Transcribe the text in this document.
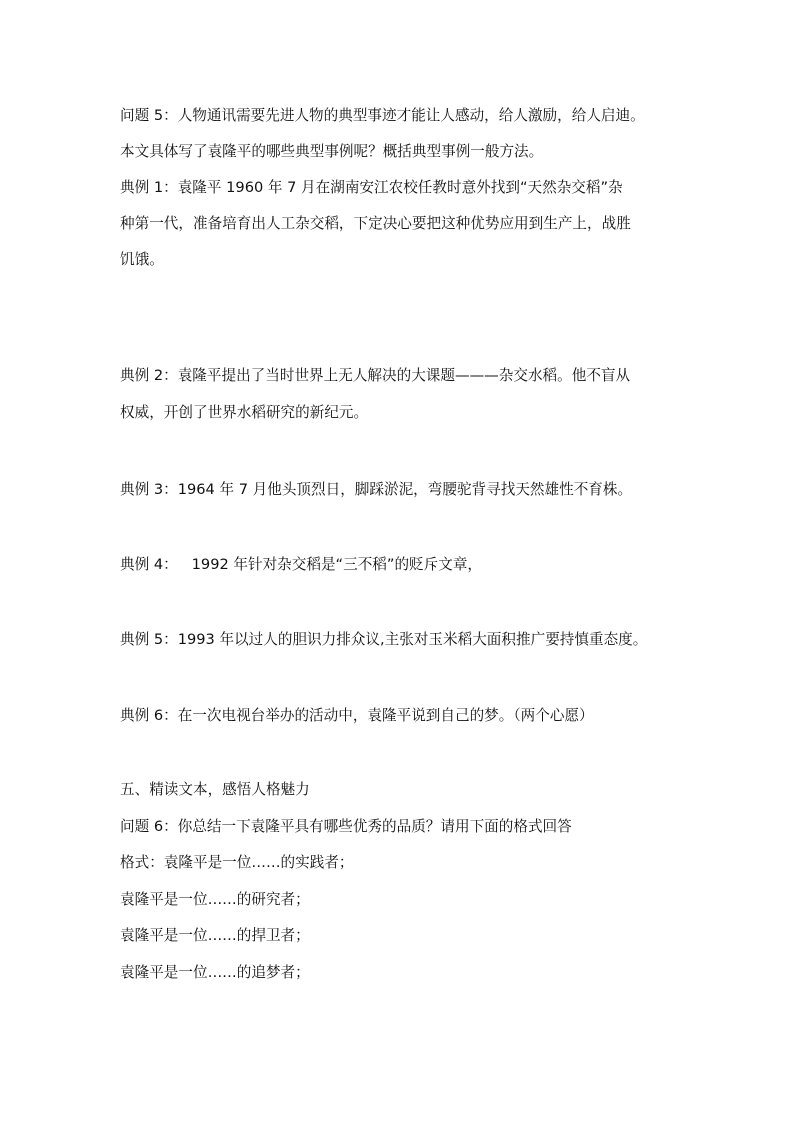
问题 5：人物通讯需要先进人物的典型事迹才能让人感动，给人激励，给人启迪。
本文具体写了袁隆平的哪些典型事例呢？概括典型事例一般方法。
典例 1：袁隆平 1960 年 7 月在湖南安江农校任教时意外找到“天然杂交稻”杂
种第一代，准备培育出人工杂交稻，下定决心要把这种优势应用到生产上，战胜
饥饿。
典例 2：袁隆平提出了当时世界上无人解决的大课题———杂交水稻。他不盲从
权威，开创了世界水稻研究的新纪元。
典例 3：1964 年 7 月他头顶烈日，脚踩淤泥，弯腰驼背寻找天然雄性不育株。
典例 4：   1992 年针对杂交稻是“三不稻”的贬斥文章，
典例 5：1993 年以过人的胆识力排众议,主张对玉米稻大面积推广要持慎重态度。
典例 6：在一次电视台举办的活动中，袁隆平说到自己的梦。（两个心愿）
五、精读文本，感悟人格魅力
问题 6：你总结一下袁隆平具有哪些优秀的品质？请用下面的格式回答
格式：袁隆平是一位……的实践者；
袁隆平是一位……的研究者；
袁隆平是一位……的捍卫者；
袁隆平是一位……的追梦者；
